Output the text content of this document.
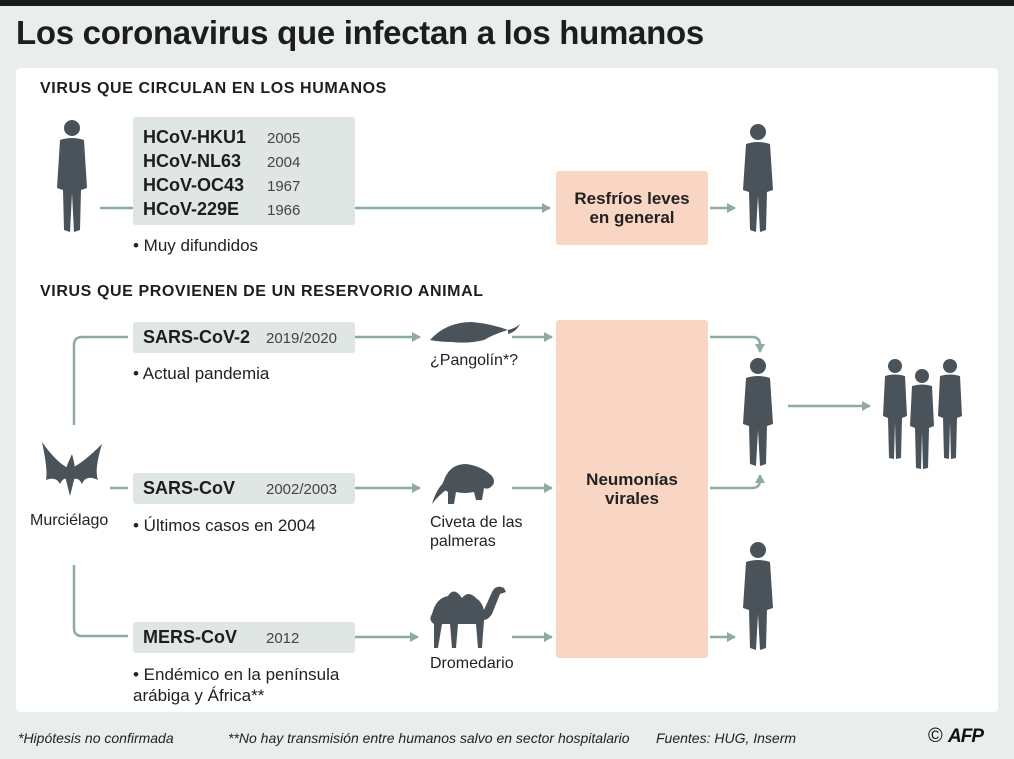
Los coronavirus que infectan a los humanos
VIRUS QUE CIRCULAN EN LOS HUMANOS
VIRUS QUE PROVIENEN DE UN RESERVORIO ANIMAL
HCoV-HKU1 2005
HCoV-NL63 2004
HCoV-OC43 1967
HCoV-229E 1966
• Muy difundidos
Resfríos leves en general
Neumonías virales
SARS-CoV-2 2019/2020
• Actual pandemia
SARS-CoV 2002/2003
• Últimos casos en 2004
MERS-CoV 2012
• Endémico en la península arábiga y África**
¿Pangolín*?
Civeta de las palmeras
Dromedario
Murciélago
*Hipótesis no confirmada	**No hay transmisión entre humanos salvo en sector hospitalario Fuentes: HUG, Inserm	© AFP
